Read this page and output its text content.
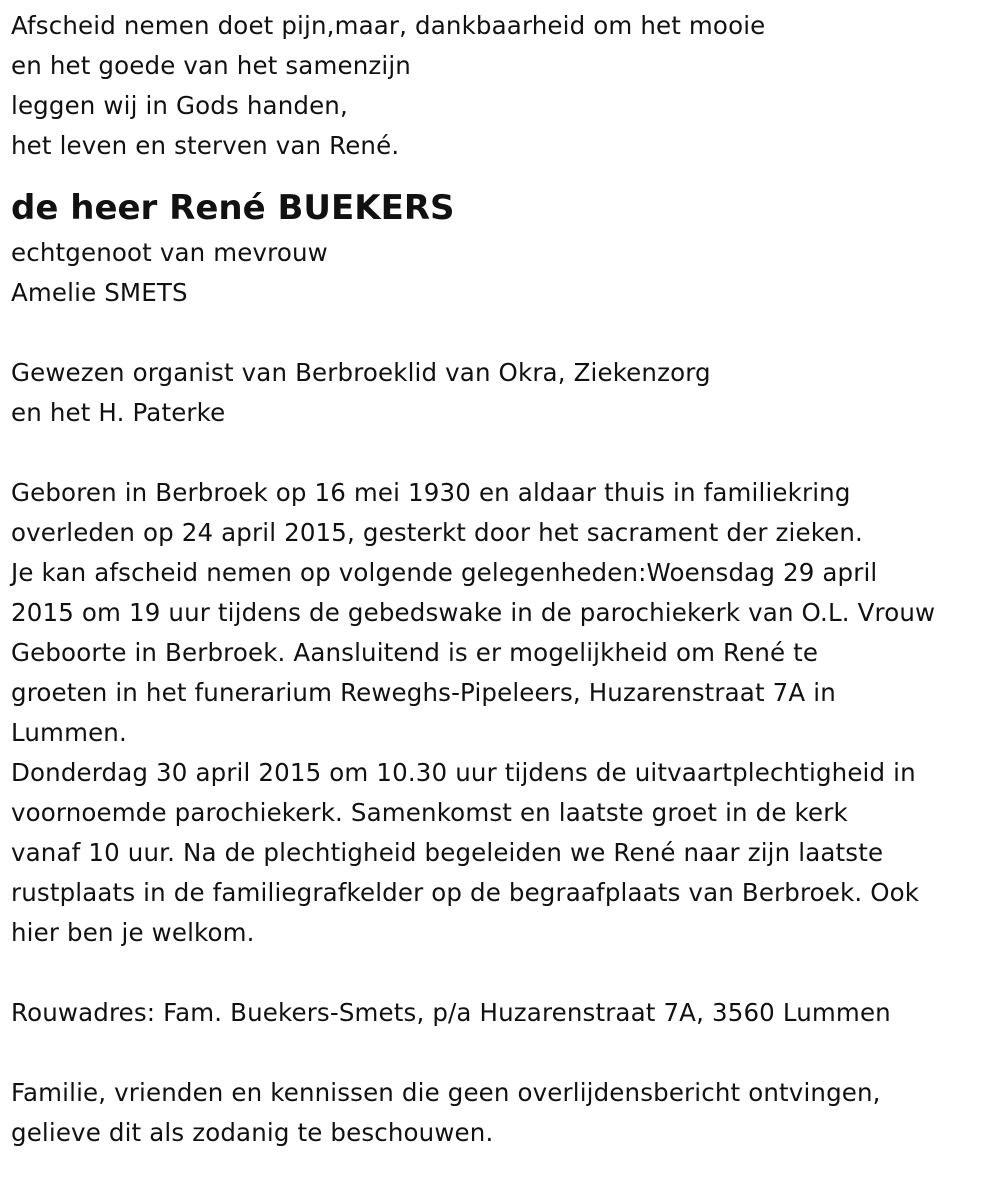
Afscheid nemen doet pijn,maar, dankbaarheid om het mooie
en het goede van het samenzijn
leggen wij in Gods handen,
het leven en sterven van René.
de heer René BUEKERS
echtgenoot van mevrouw
Amelie SMETS
Gewezen organist van Berbroeklid van Okra, Ziekenzorg
en het H. Paterke
Geboren in Berbroek op 16 mei 1930 en aldaar thuis in familiekring
overleden op 24 april 2015, gesterkt door het sacrament der zieken.
Je kan afscheid nemen op volgende gelegenheden:Woensdag 29 april
2015 om 19 uur tijdens de gebedswake in de parochiekerk van O.L. Vrouw
Geboorte in Berbroek. Aansluitend is er mogelijkheid om René te
groeten in het funerarium Reweghs-Pipeleers, Huzarenstraat 7A in
Lummen.
Donderdag 30 april 2015 om 10.30 uur tijdens de uitvaartplechtigheid in
voornoemde parochiekerk. Samenkomst en laatste groet in de kerk
vanaf 10 uur. Na de plechtigheid begeleiden we René naar zijn laatste
rustplaats in de familiegrafkelder op de begraafplaats van Berbroek. Ook
hier ben je welkom.
Rouwadres: Fam. Buekers-Smets, p/a Huzarenstraat 7A, 3560 Lummen
Familie, vrienden en kennissen die geen overlijdensbericht ontvingen,
gelieve dit als zodanig te beschouwen.
